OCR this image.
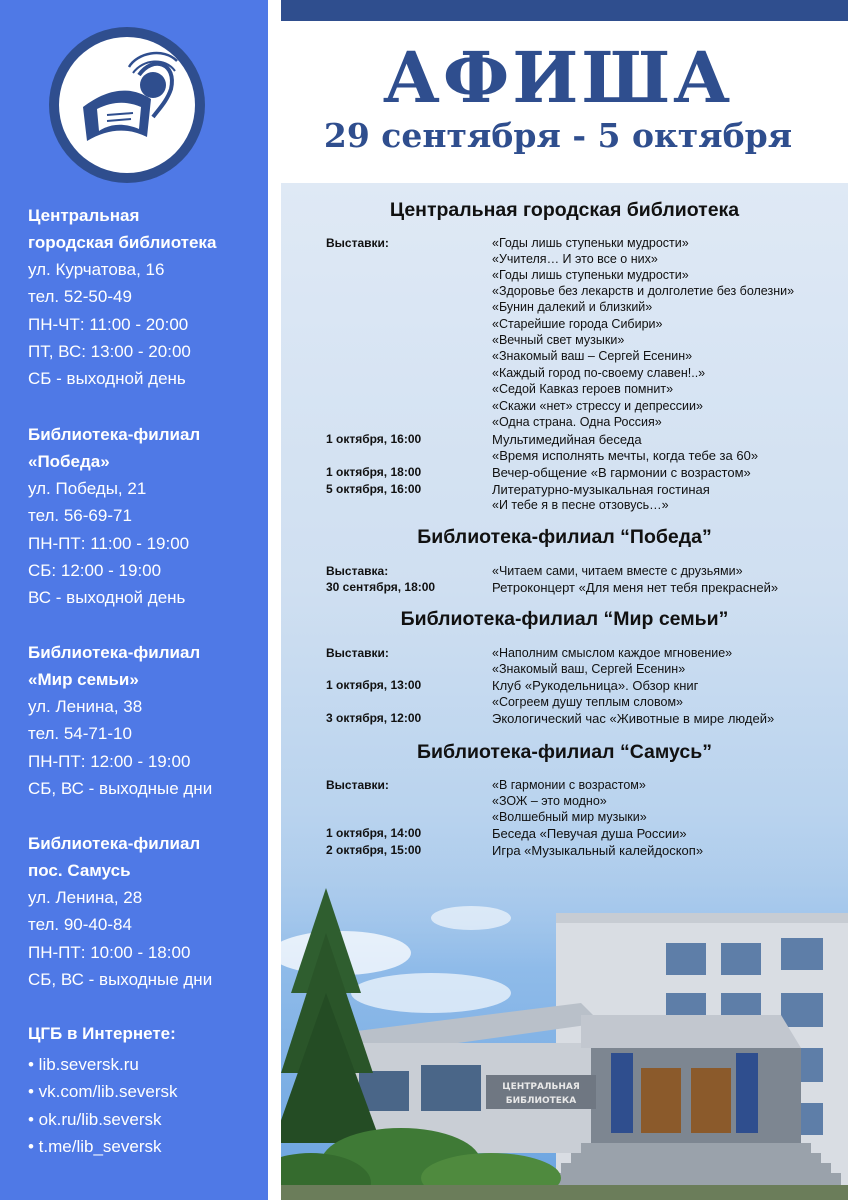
Центральная
городская библиотека
ул. Курчатова, 16
тел. 52-50-49
ПН-ЧТ: 11:00 - 20:00
ПТ, ВС: 13:00 - 20:00
СБ - выходной день
Библиотека-филиал
«Победа»
ул. Победы, 21
тел. 56-69-71
ПН-ПТ: 11:00 - 19:00
СБ: 12:00 - 19:00
ВС - выходной день
Библиотека-филиал
«Мир семьи»
ул. Ленина, 38
тел. 54-71-10
ПН-ПТ: 12:00 - 19:00
СБ, ВС - выходные дни
Библиотека-филиал
пос. Самусь
ул. Ленина, 28
тел. 90-40-84
ПН-ПТ: 10:00 - 18:00
СБ, ВС - выходные дни
ЦГБ в Интернете:
• lib.seversk.ru
• vk.com/lib.seversk
• ok.ru/lib.seversk
• t.me/lib_seversk
АФИША
29 сентября - 5 октября
ЦЕНТРАЛЬНАЯ
БИБЛИОТЕКА
Центральная городская библиотека
Выставки:	«Годы лишь ступеньки мудрости»
«Учителя… И это все о них»
«Годы лишь ступеньки мудрости»
«Здоровье без лекарств и долголетие без болезни»
«Бунин далекий и близкий»
«Старейшие города Сибири»
«Вечный свет музыки»
«Знакомый ваш – Сергей Есенин»
«Каждый город по-своему славен!..»
«Седой Кавказ героев помнит»
«Скажи «нет» стрессу и депрессии»
«Одна страна. Одна Россия»
1 октября, 16:00	Мультимедийная беседа
«Время исполнять мечты, когда тебе за 60»
1 октября, 18:00	Вечер-общение «В гармонии с возрастом»
5 октября, 16:00	Литературно-музыкальная гостиная
«И тебе я в песне отзовусь…»
Библиотека-филиал “Победа”
Выставка:	«Читаем сами, читаем вместе с друзьями»
30 сентября, 18:00	Ретроконцерт «Для меня нет тебя прекрасней»
Библиотека-филиал “Мир семьи”
Выставки:	«Наполним смыслом каждое мгновение»
«Знакомый ваш, Сергей Есенин»
1 октября, 13:00	Клуб «Рукодельница». Обзор книг
«Согреем душу теплым словом»
3 октября, 12:00	Экологический час «Животные в мире людей»
Библиотека-филиал “Самусь”
Выставки:	«В гармонии с возрастом»
«ЗОЖ – это модно»
«Волшебный мир музыки»
1 октября, 14:00	Беседа «Певучая душа России»
2 октября, 15:00	Игра «Музыкальный калейдоскоп»
